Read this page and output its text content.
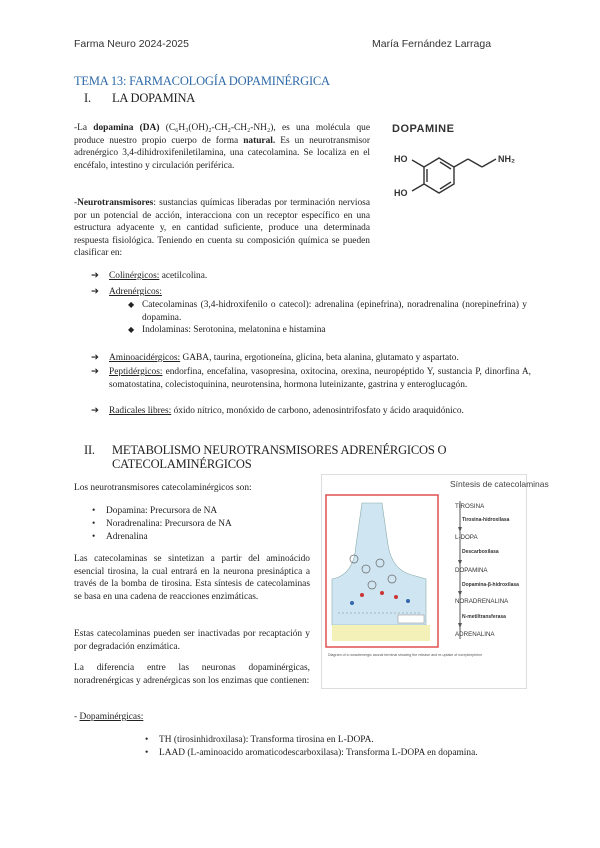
Farma Neuro 2024-2025	María Fernández Larraga
TEMA 13: FARMACOLOGÍA DOPAMINÉRGICA
I. LA DOPAMINA
-La dopamina (DA) (C₆H₃(OH)₂-CH₂-CH₂-NH₂), es una molécula que produce nuestro propio cuerpo de forma natural. Es un neurotransmisor adrenérgico 3,4-dihidroxifeniletilamina, una catecolamina. Se localiza en el encéfalo, intestino y circulación periférica.
DOPAMINE
HO
HO
NH₂
-Neurotransmisores: sustancias químicas liberadas por terminación nerviosa por un potencial de acción, interacciona con un receptor específico en una estructura adyacente y, en cantidad suficiente, produce una determinada respuesta fisiológica. Teniendo en cuenta su composición química se pueden clasificar en:
➔	Colinérgicos: acetilcolina.
➔	Adrenérgicos:
◆ Catecolaminas (3,4-hidroxifenilo o catecol): adrenalina (epinefrina), noradrenalina (norepinefrina) y dopamina.
◆ Indolaminas: Serotonina, melatonina e histamina
➔	Aminoacidérgicos: GABA, taurina, ergotioneína, glicina, beta alanina, glutamato y aspartato.
➔	Peptidérgicos: endorfina, encefalina, vasopresina, oxitocina, orexina, neuropéptido Y, sustancia P, dinorfina A, somatostatina, colecistoquinina, neurotensina, hormona luteinizante, gastrina y enteroglucagón.
➔	Radicales libres: óxido nítrico, monóxido de carbono, adenosintrifosfato y ácido araquidónico.
II. METABOLISMO NEUROTRANSMISORES ADRENÉRGICOS O
CATECOLAMINÉRGICOS
Los neurotransmisores catecolaminérgicos son:
•	Dopamina: Precursora de NA
•	Noradrenalina: Precursora de NA
•	Adrenalina
Las catecolaminas se sintetizan a partir del aminoácido esencial tirosina, la cual entrará en la neurona presináptica a través de la bomba de tirosina. Esta síntesis de catecolaminas se basa en una cadena de reacciones enzimáticas.
Estas catecolaminas pueden ser inactivadas por recaptación y por degradación enzimática.
La diferencia entre las neuronas dopaminérgicas, noradrenérgicas y adrenérgicas son los enzimas que contienen:
- Dopaminérgicas:
•	TH (tirosinhidroxilasa): Transforma tirosina en L-DOPA.
•	LAAD (L-aminoacido aromaticodescarboxilasa): Transforma L-DOPA en dopamina.
Diagram of a noradrenergic axonal terminal showing the release and re-uptake of norepinephrine
Síntesis de catecolaminas
TIROSINA
Tirosina-hidroxilasa
L-DOPA
Descarboxilasa
DOPAMINA
Dopamina-β-hidroxilasa
NORADRENALINA
N-metiltransferasa
ADRENALINA
